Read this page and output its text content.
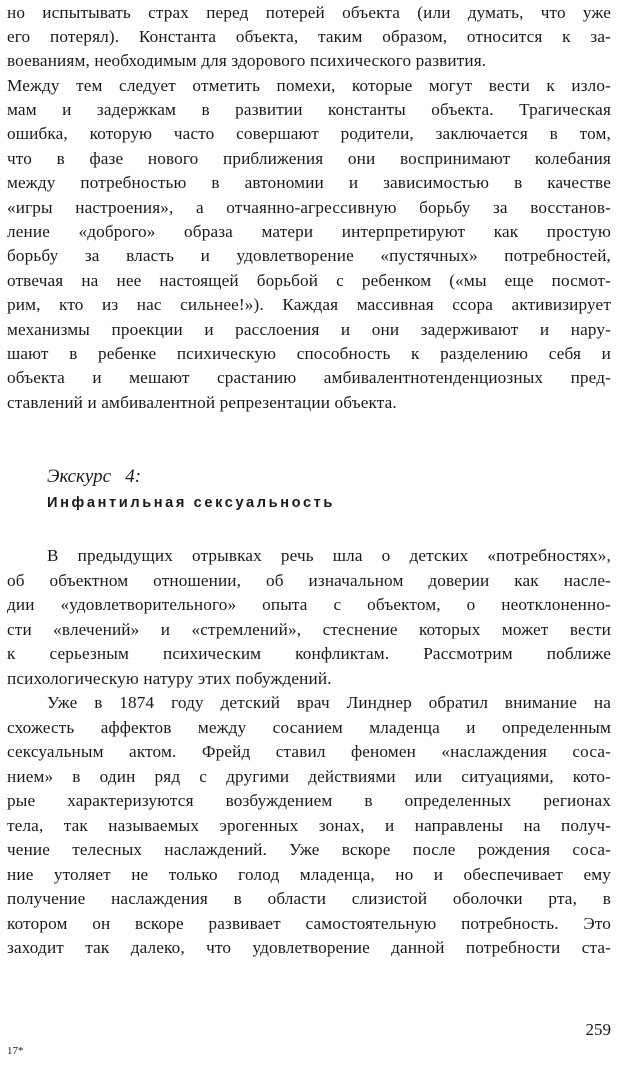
но испытывать страх перед потерей объекта (или думать, что уже
его потерял). Константа объекта, таким образом, относится к за-
воеваниям, необходимым для здорового психического развития.
Между тем следует отметить помехи, которые могут вести к изло-
мам и задержкам в развитии константы объекта. Трагическая
ошибка, которую часто совершают родители, заключается в том,
что в фазе нового приближения они воспринимают колебания
между потребностью в автономии и зависимостью в качестве
«игры настроения», а отчаянно-агрессивную борьбу за восстанов-
ление «доброго» образа матери интерпретируют как простую
борьбу за власть и удовлетворение «пустячных» потребностей,
отвечая на нее настоящей борьбой с ребенком («мы еще посмот-
рим, кто из нас сильнее!»). Каждая массивная ссора активизирует
механизмы проекции и расслоения и они задерживают и нару-
шают в ребенке психическую способность к разделению себя и
объекта и мешают срастанию амбивалентнотенденциозных пред-
ставлений и амбивалентной репрезентации объекта.
Экскурс   4:
Инфантильная сексуальность
В предыдущих отрывках речь шла о детских «потребностях»,
об объектном отношении, об изначальном доверии как насле-
дии «удовлетворительного» опыта с объектом, о неотклоненно-
сти «влечений» и «стремлений», стеснение которых может вести
к серьезным психическим конфликтам. Рассмотрим поближе
психологическую натуру этих побуждений.
Уже в 1874 году детский врач Линднер обратил внимание на
схожесть аффектов между сосанием младенца и определенным
сексуальным актом. Фрейд ставил феномен «наслаждения соса-
нием» в один ряд с другими действиями или ситуациями, кото-
рые характеризуются возбуждением в определенных регионах
тела, так называемых эрогенных зонах, и направлены на получ-
чение телесных наслаждений. Уже вскоре после рождения соса-
ние утоляет не только голод младенца, но и обеспечивает ему
получение наслаждения в области слизистой оболочки рта, в
котором он вскоре развивает самостоятельную потребность. Это
заходит так далеко, что удовлетворение данной потребности ста-
259
17*
